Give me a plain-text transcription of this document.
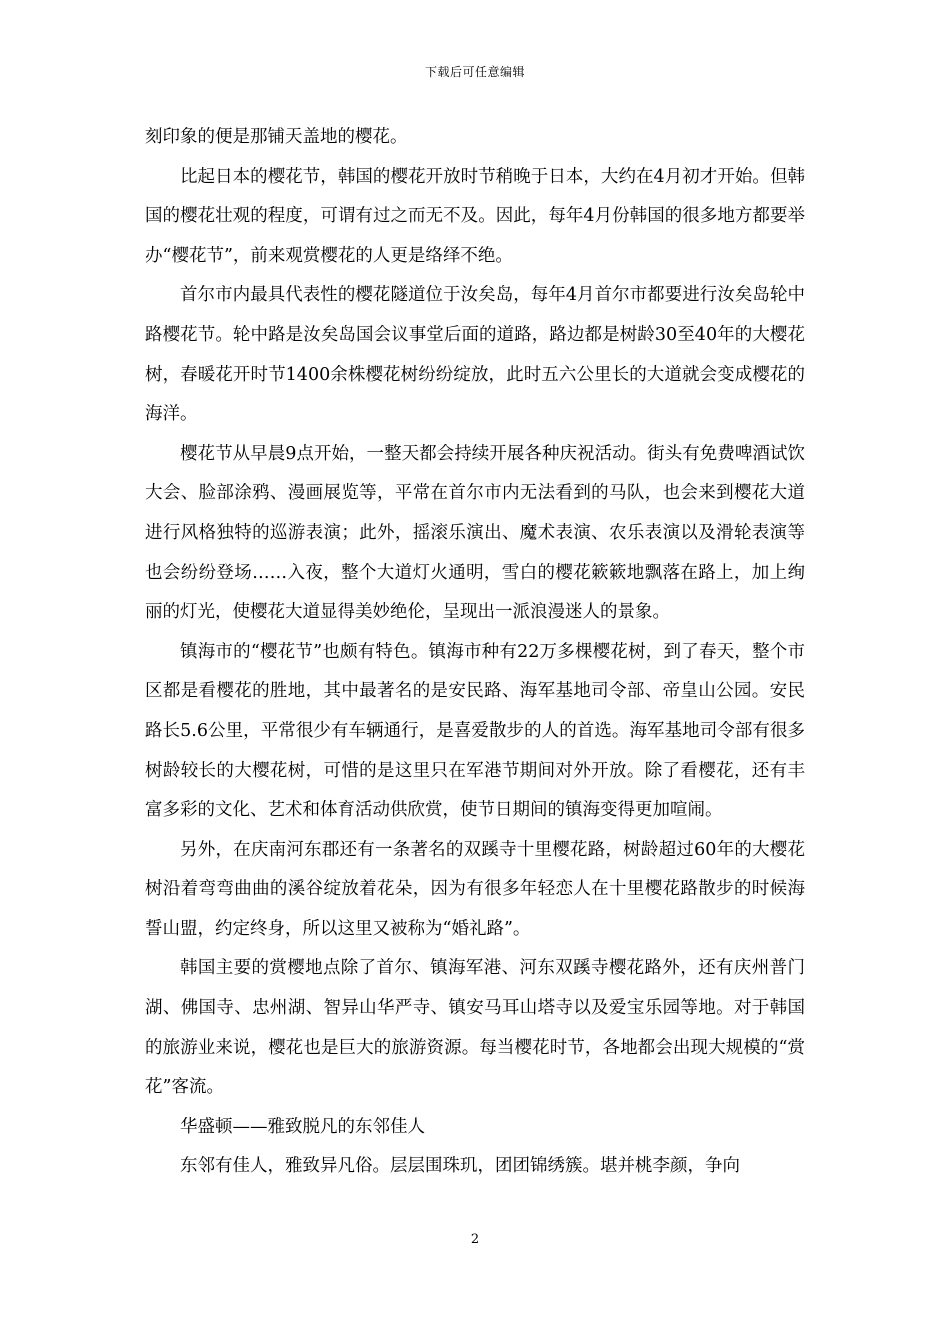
下载后可任意编辑

刻印象的便是那铺天盖地的樱花。

比起日本的樱花节，韩国的樱花开放时节稍晚于日本，大约在4月初才开始。但韩国的樱花壮观的程度，可谓有过之而无不及。因此，每年4月份韩国的很多地方都要举办“樱花节”，前来观赏樱花的人更是络绎不绝。

首尔市内最具代表性的樱花隧道位于汝矣岛，每年4月首尔市都要进行汝矣岛轮中路樱花节。轮中路是汝矣岛国会议事堂后面的道路，路边都是树龄30至40年的大樱花树，春暖花开时节1400余株樱花树纷纷绽放，此时五六公里长的大道就会变成樱花的海洋。

樱花节从早晨9点开始，一整天都会持续开展各种庆祝活动。街头有免费啤酒试饮大会、脸部涂鸦、漫画展览等，平常在首尔市内无法看到的马队，也会来到樱花大道进行风格独特的巡游表演；此外，摇滚乐演出、魔术表演、农乐表演以及滑轮表演等也会纷纷登场……入夜，整个大道灯火通明，雪白的樱花簌簌地飘落在路上，加上绚丽的灯光，使樱花大道显得美妙绝伦，呈现出一派浪漫迷人的景象。

镇海市的“樱花节”也颇有特色。镇海市种有22万多棵樱花树，到了春天，整个市区都是看樱花的胜地，其中最著名的是安民路、海军基地司令部、帝皇山公园。安民路长5.6公里，平常很少有车辆通行，是喜爱散步的人的首选。海军基地司令部有很多树龄较长的大樱花树，可惜的是这里只在军港节期间对外开放。除了看樱花，还有丰富多彩的文化、艺术和体育活动供欣赏，使节日期间的镇海变得更加喧闹。

另外，在庆南河东郡还有一条著名的双蹊寺十里樱花路，树龄超过60年的大樱花树沿着弯弯曲曲的溪谷绽放着花朵，因为有很多年轻恋人在十里樱花路散步的时候海誓山盟，约定终身，所以这里又被称为“婚礼路”。

韩国主要的赏樱地点除了首尔、镇海军港、河东双蹊寺樱花路外，还有庆州普门湖、佛国寺、忠州湖、智异山华严寺、镇安马耳山塔寺以及爱宝乐园等地。对于韩国的旅游业来说，樱花也是巨大的旅游资源。每当樱花时节，各地都会出现大规模的“赏花”客流。

华盛顿——雅致脱凡的东邻佳人

东邻有佳人，雅致异凡俗。层层围珠玑，团团锦绣簇。堪并桃李颜，争向

2
